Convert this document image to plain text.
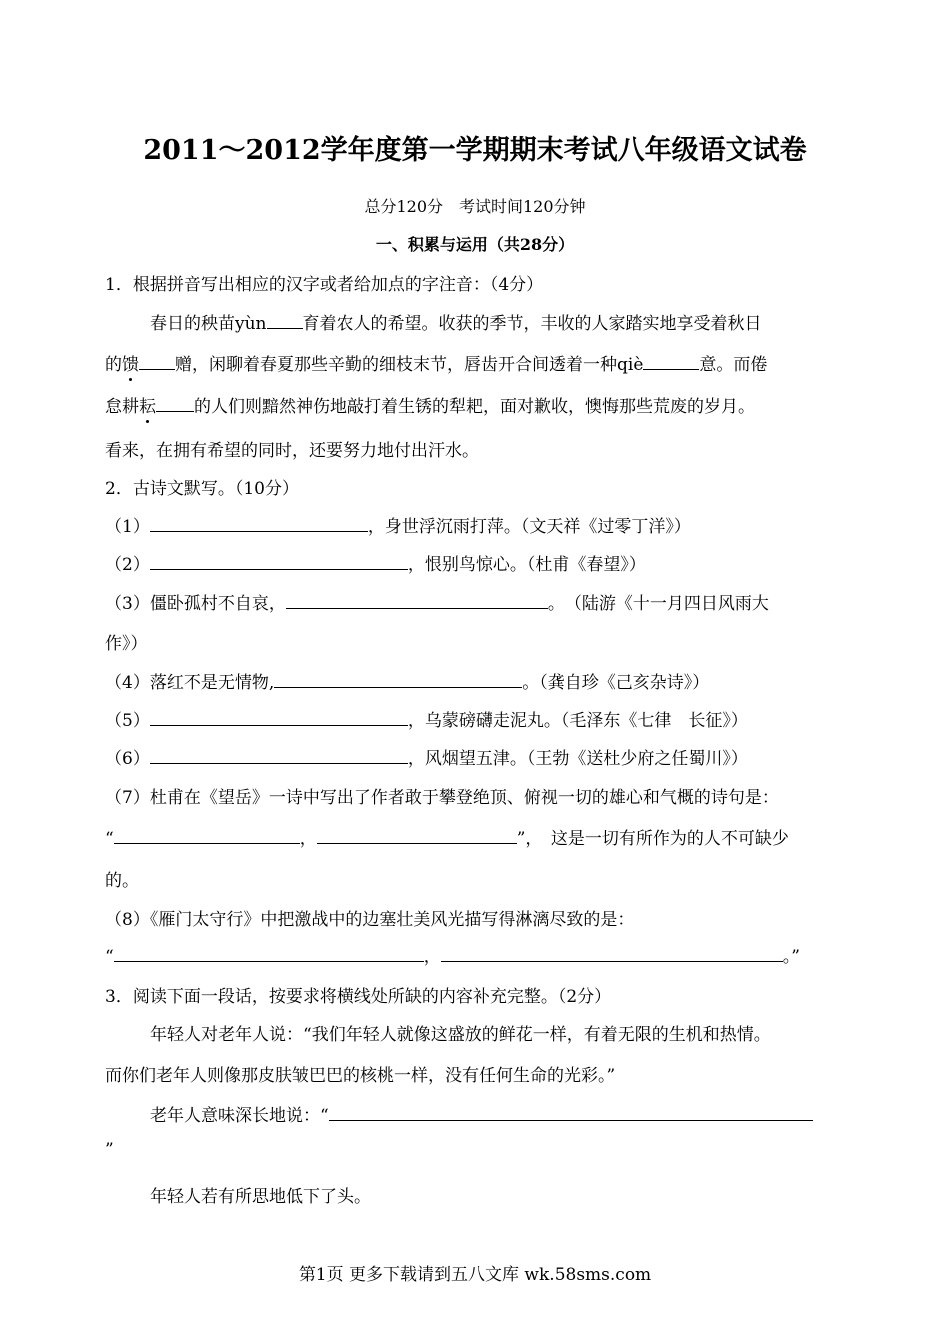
2011～2012学年度第一学期期末考试八年级语文试卷
总分120分　考试时间120分钟
一、积累与运用（共28分）
1．根据拼音写出相应的汉字或者给加点的字注音：（4分）
春日的秧苗yùn 育着农人的希望。收获的季节，丰收的人家踏实地享受着秋日
的馈 赠，闲聊着春夏那些辛勤的细枝末节，唇齿开合间透着一种qiè	意。而倦
怠耕耘 的人们则黯然神伤地敲打着生锈的犁耙，面对歉收，懊悔那些荒废的岁月。
看来，在拥有希望的同时，还要努力地付出汗水。
2．古诗文默写。（10分）
（1）	，身世浮沉雨打萍。（文天祥《过零丁洋》）
（2）	，恨别鸟惊心。（杜甫《春望》）
（3）僵卧孤村不自哀，	。　（陆游《十一月四日风雨大
作》）
（4）落红不是无情物,	。（龚自珍《己亥杂诗》）
（5）	，乌蒙磅礴走泥丸。（毛泽东《七律　长征》）
（6）	，风烟望五津。（王勃《送杜少府之任蜀川》）
（7）杜甫在《望岳》一诗中写出了作者敢于攀登绝顶、俯视一切的雄心和气概的诗句是：
“	，	”，　这是一切有所作为的人不可缺少
的。
（8）《雁门太守行》中把激战中的边塞壮美风光描写得淋漓尽致的是：
“	，	。”
3．阅读下面一段话，按要求将横线处所缺的内容补充完整。（2分）
年轻人对老年人说：“我们年轻人就像这盛放的鲜花一样，有着无限的生机和热情。
而你们老年人则像那皮肤皱巴巴的核桃一样，没有任何生命的光彩。”
老年人意味深长地说：“
”
年轻人若有所思地低下了头。
第1页 更多下载请到五八文库 wk.58sms.com
